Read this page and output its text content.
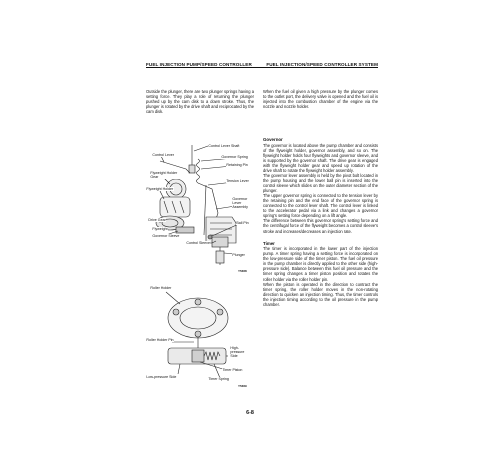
FUEL INJECTION PUMP/SPEED CONTROLLER	FUEL INJECTION/SPEED CONTROLLER SYSTEM

Outside the plunger, there are two plunger springs having a setting force. They play a role of returning the plunger pushed up by the cam disk to a down stroke. Thus, the plunger is rotated by the drive shaft and reciprocated by the cam disk.

When the fuel oil given a high pressure by the plunger comes to the outlet port, the delivery valve is opened and the fuel oil is injected into the combustion chamber of the engine via the nozzle and nozzle holder.

Governor

The governor is located above the pump chamber and consists of the flyweight holder, governor assembly, and so on. The flyweight holder holds four flyweights and governor sleeve, and is supported by the governor shaft. The drive gear is engaged with the flyweight holder gear and speed up rotation of the drive shaft to rotate the flyweight holder assembly.

The governor lever assembly is held by the pivot bolt located in the pump housing and the lower ball pin is inserted into the control sleeve which slides on the outer diameter section of the plunger.

The upper governor spring is connected to the tension lever by the retaining pin and the end face of the governor spring is connected to the control lever shaft. The control lever is linked to the accelerator pedal via a link and changes a governor spring's setting force depending on a lift angle.

The difference between this governor spring's setting force and the centrifugal force of the flyweight becomes a control sleeve's stroke and increases/decreases an injection rate.

Timer

The timer is incorporated in the lower part of the injection pump. A timer spring having a setting force is incorporated on the low-pressure side of the timer piston. The fuel oil pressure in the pump chamber is directly applied to the other side (high-pressure side). Balance between this fuel oil pressure and the timer spring changes a timer piston position and rotates the roller holder via the roller holder pin.

When the piston is operated in the direction to contract the timer spring, the roller holder moves in the non-rotating direction to quicken an injection timing. Thus, the timer controls the injection timing according to the oil pressure in the pump chamber.

Control Lever Shaft
Control Lever	Governor Spring
Retaining Pin
Flyweight Holder Gear
Tension Lever
Flyweight Holder
Governor Lever Assembly
Drive Gear
Ball Pin
Flyweight
Governor Sleeve
Control Sleeve
Plunger
Y5368
Roller Holder
Roller Holder Pin
High-pressure Side
Low-pressure Side
Timer Piston
Timer Spring
Y5369
6-8
